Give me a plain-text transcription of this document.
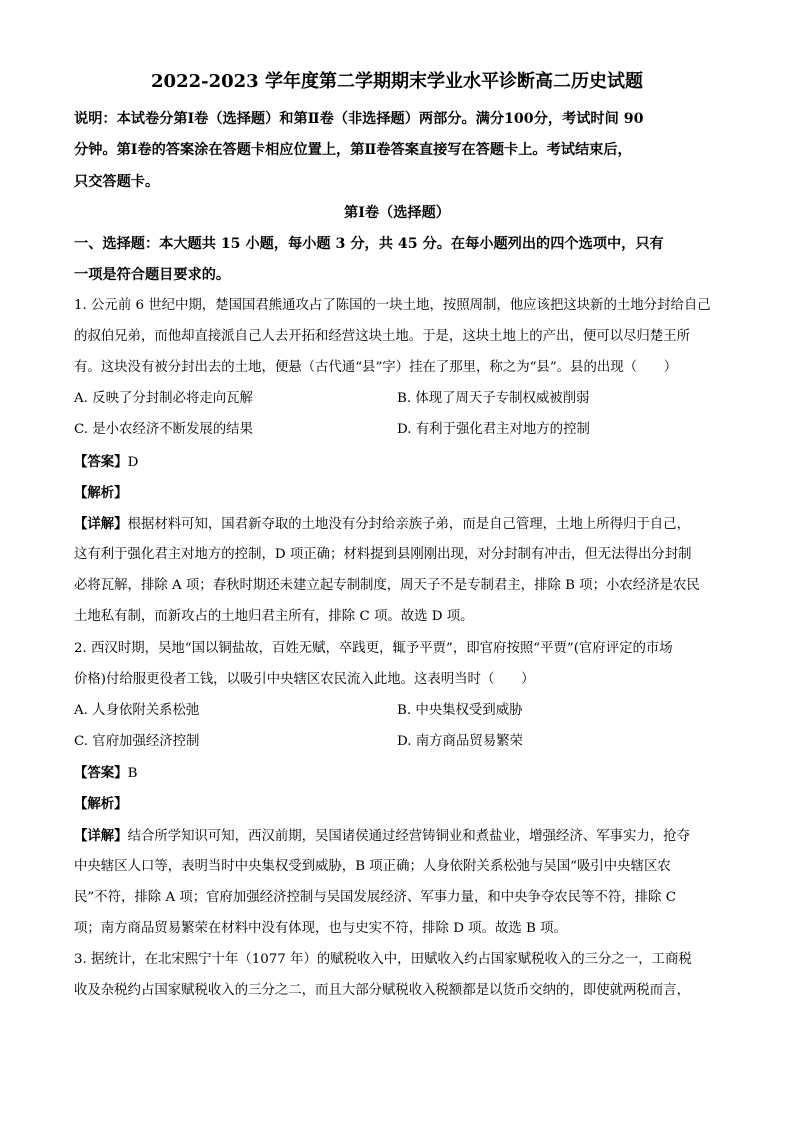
2022-2023 学年度第二学期期末学业水平诊断高二历史试题
说明：本试卷分第Ⅰ卷（选择题）和第Ⅱ卷（非选择题）两部分。满分100分，考试时间 90
分钟。第Ⅰ卷的答案涂在答题卡相应位置上，第Ⅱ卷答案直接写在答题卡上。考试结束后，
只交答题卡。
第Ⅰ卷（选择题）
一、选择题：本大题共 15 小题，每小题 3 分，共 45 分。在每小题列出的四个选项中，只有
一项是符合题目要求的。
1. 公元前 6 世纪中期，楚国国君熊通攻占了陈国的一块土地，按照周制，他应该把这块新的土地分封给自己
的叔伯兄弟，而他却直接派自己人去开拓和经营这块土地。于是，这块土地上的产出，便可以尽归楚王所
有。这块没有被分封出去的土地，便悬（古代通“县”字）挂在了那里，称之为“县”。县的出现（　　）
A. 反映了分封制必将走向瓦解	B. 体现了周天子专制权威被削弱
C. 是小农经济不断发展的结果	D. 有利于强化君主对地方的控制
【答案】D
【解析】
【详解】根据材料可知，国君新夺取的土地没有分封给亲族子弟，而是自己管理，土地上所得归于自己，
这有利于强化君主对地方的控制，D 项正确；材料提到县刚刚出现，对分封制有冲击，但无法得出分封制
必将瓦解，排除 A 项；春秋时期还未建立起专制制度，周天子不是专制君主，排除 B 项；小农经济是农民
土地私有制，而新攻占的土地归君主所有，排除 C 项。故选 D 项。
2. 西汉时期，吴地“国以铜盐故，百姓无赋，卒践更，辄予平贾”，即官府按照“平贾”(官府评定的市场
价格)付给服更役者工钱，以吸引中央辖区农民流入此地。这表明当时（　　）
A. 人身依附关系松弛	B. 中央集权受到威胁
C. 官府加强经济控制	D. 南方商品贸易繁荣
【答案】B
【解析】
【详解】结合所学知识可知，西汉前期，吴国诸侯通过经营铸铜业和煮盐业，增强经济、军事实力，抢夺
中央辖区人口等，表明当时中央集权受到威胁，B 项正确；人身依附关系松弛与吴国“吸引中央辖区农
民”不符，排除 A 项；官府加强经济控制与吴国发展经济、军事力量，和中央争夺农民等不符，排除 C
项；南方商品贸易繁荣在材料中没有体现，也与史实不符，排除 D 项。故选 B 项。
3. 据统计，在北宋熙宁十年（1077 年）的赋税收入中，田赋收入约占国家赋税收入的三分之一，工商税
收及杂税约占国家赋税收入的三分之二，而且大部分赋税收入税额都是以货币交纳的，即使就两税而言，
